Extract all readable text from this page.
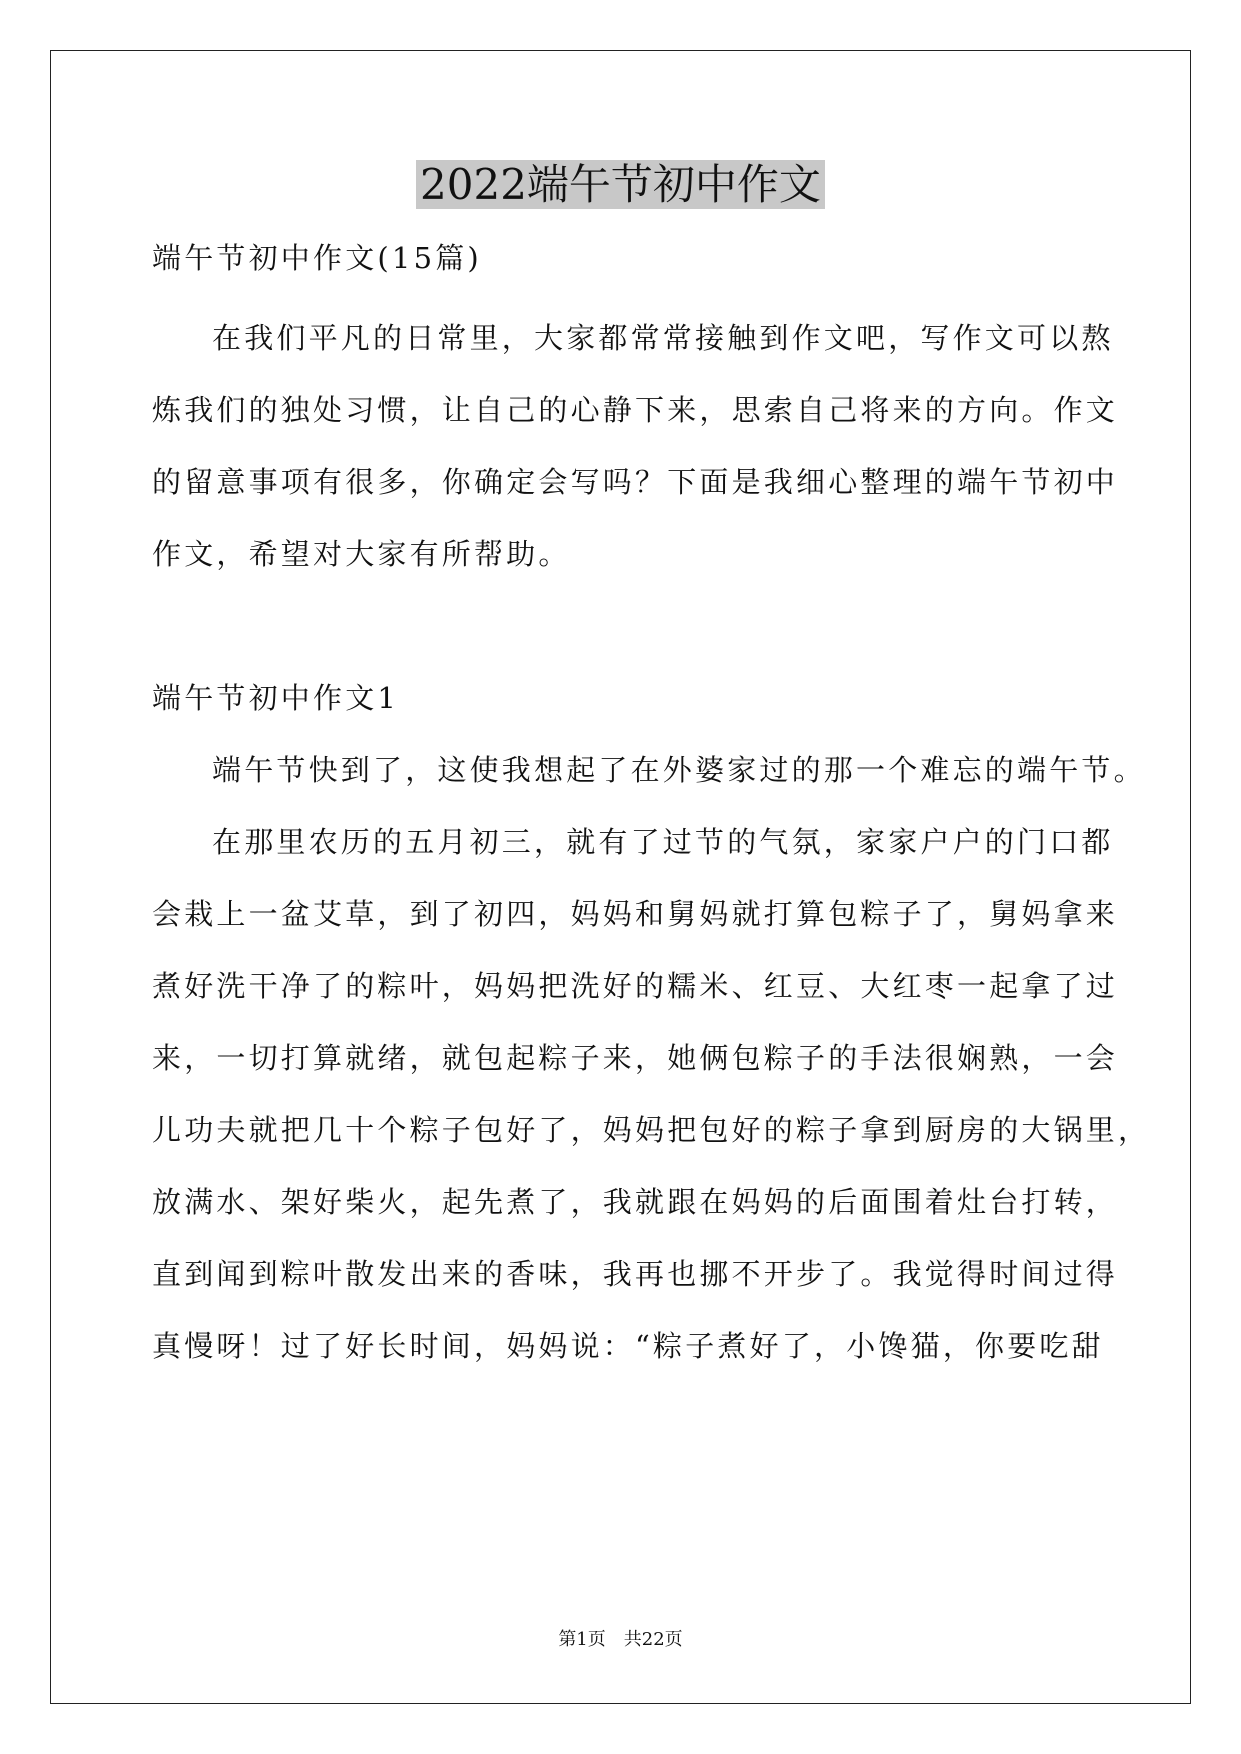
2022端午节初中作文
端午节初中作文(15篇)
在我们平凡的日常里，大家都常常接触到作文吧，写作文可以熬
炼我们的独处习惯，让自己的心静下来，思索自己将来的方向。作文
的留意事项有很多，你确定会写吗？下面是我细心整理的端午节初中
作文，希望对大家有所帮助。
端午节初中作文1
端午节快到了，这使我想起了在外婆家过的那一个难忘的端午节。
在那里农历的五月初三，就有了过节的气氛，家家户户的门口都
会栽上一盆艾草，到了初四，妈妈和舅妈就打算包粽子了，舅妈拿来
煮好洗干净了的粽叶，妈妈把洗好的糯米、红豆、大红枣一起拿了过
来，一切打算就绪，就包起粽子来，她俩包粽子的手法很娴熟，一会
儿功夫就把几十个粽子包好了，妈妈把包好的粽子拿到厨房的大锅里，
放满水、架好柴火，起先煮了，我就跟在妈妈的后面围着灶台打转，
直到闻到粽叶散发出来的香味，我再也挪不开步了。我觉得时间过得
真慢呀！过了好长时间，妈妈说：“粽子煮好了，小馋猫，你要吃甜
第1页　共22页
